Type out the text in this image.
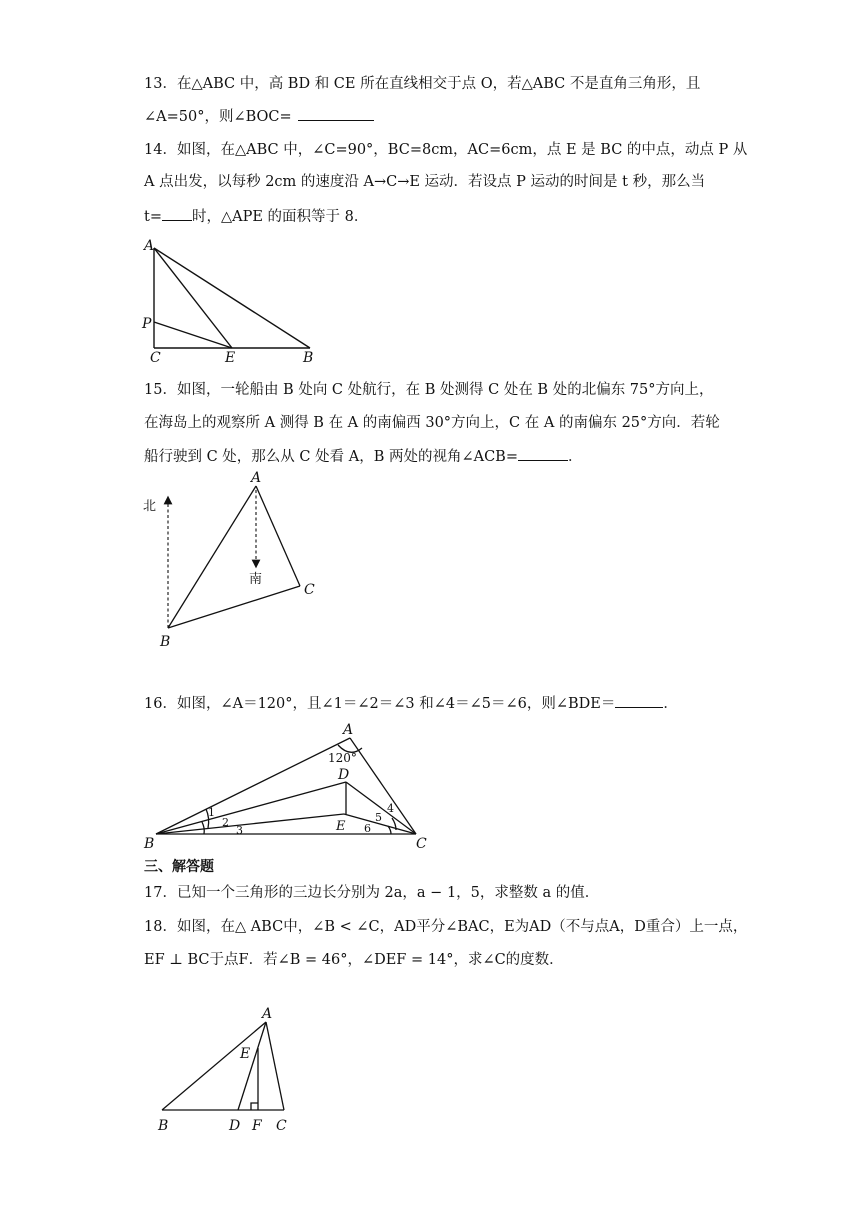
13．在△ABC 中，高 BD 和 CE 所在直线相交于点 O，若△ABC 不是直角三角形，且
∠A=50°，则∠BOC=
14．如图，在△ABC 中，∠C=90°，BC=8cm，AC=6cm，点 E 是 BC 的中点，动点 P 从
A 点出发，以每秒 2cm 的速度沿 A→C→E 运动．若设点 P 运动的时间是 t 秒，那么当
t= 时，△APE 的面积等于 8．
A
P
C	E	B
15．如图，一轮船由 B 处向 C 处航行，在 B 处测得 C 处在 B 处的北偏东 75°方向上，
在海岛上的观察所 A 测得 B 在 A 的南偏西 30°方向上，C 在 A 的南偏东 25°方向．若轮
船行驶到 C 处，那么从 C 处看 A，B 两处的视角∠ACB=	．
北
南
A
B
C
16．如图，∠A＝120°，且∠1＝∠2＝∠3 和∠4＝∠5＝∠6，则∠BDE＝	．
A
120°
D
E
B	C
1
2
3
4
5
6
三、解答题
17．已知一个三角形的三边长分别为 2a，a − 1，5，求整数 a 的值．
18．如图，在△ ABC中，∠B < ∠C，AD平分∠BAC，E为AD（不与点A，D重合）上一点，
EF ⊥ BC于点F．若∠B = 46°，∠DEF = 14°，求∠C的度数．
A
E
B	D F C
